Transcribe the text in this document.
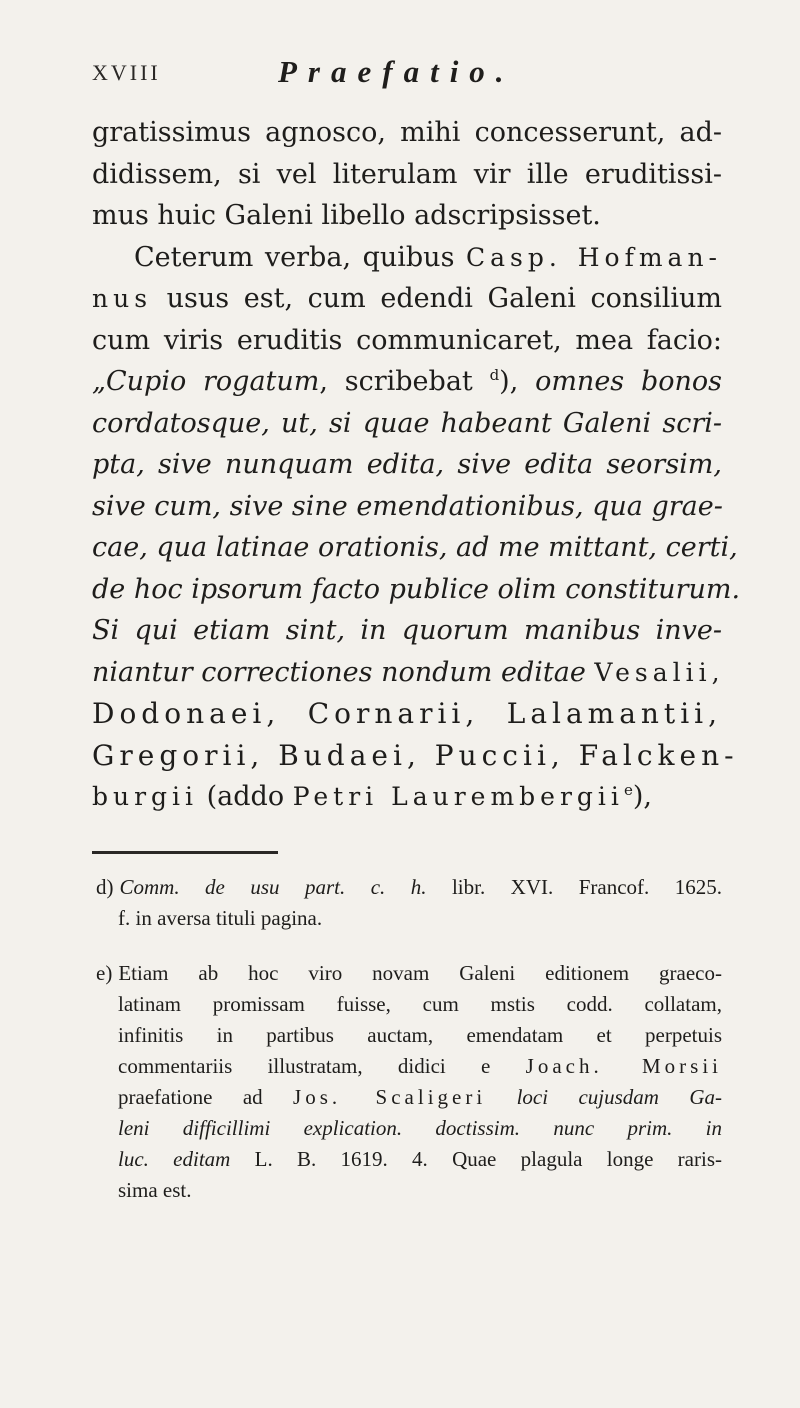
XVIII	Praefatio.
gratissimus agnosco, mihi concesserunt, ad-
didissem, si vel literulam vir ille eruditissi-
mus huic Galeni libello adscripsisset.
Ceterum verba, quibus Casp. Hofman-
nus usus est, cum edendi Galeni consilium
cum viris eruditis communicaret, mea facio:
„Cupio rogatum, scribebat $^d$), omnes bonos
cordatosque, ut, si quae habeant Galeni scri-
pta, sive nunquam edita, sive edita seorsim,
sive cum, sive sine emendationibus, qua grae-
cae, qua latinae orationis, ad me mittant, certi,
de hoc ipsorum facto publice olim constiturum.
Si qui etiam sint, in quorum manibus inve-
niantur correctiones nondum editae Vesalii,
Dodonaei, Cornarii, Lalamantii,
Gregorii, Budaei, Puccii, Falcken-
burgii (addo Petri Laurembergii$^e$),
d) Comm. de usu part. c. h. libr. XVI. Francof. 1625.
f. in aversa tituli pagina.
e) Etiam ab hoc viro novam Galeni editionem graeco-
latinam promissam fuisse, cum mstis codd. collatam,
infinitis in partibus auctam, emendatam et perpetuis
commentariis illustratam, didici e Joach. Morsii
praefatione ad Jos. Scaligeri loci cujusdam Ga-
leni difficillimi explication. doctissim. nunc prim. in
luc. editam L. B. 1619. 4. Quae plagula longe raris-
sima est.
